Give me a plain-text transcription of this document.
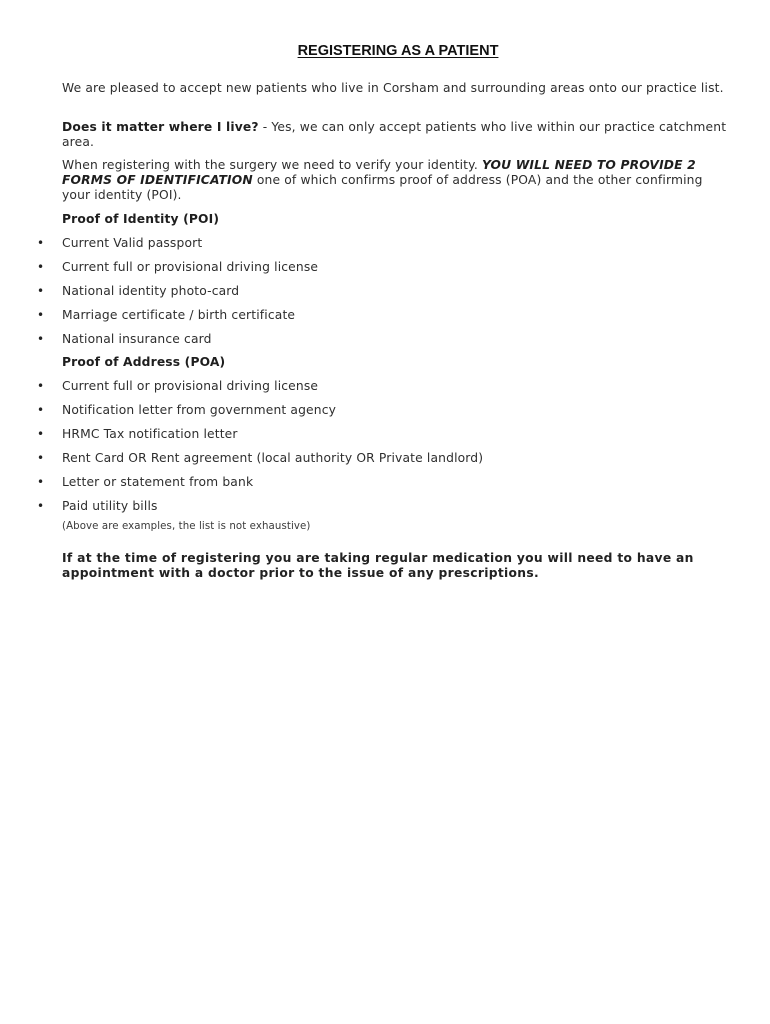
REGISTERING AS A PATIENT
We are pleased to accept new patients who live in Corsham and surrounding areas onto our practice list.
Does it matter where I live? - Yes, we can only accept patients who live within our practice catchment area.
When registering with the surgery we need to verify your identity. YOU WILL NEED TO PROVIDE 2 FORMS OF IDENTIFICATION one of which confirms proof of address (POA) and the other confirming your identity (POI).
Proof of Identity (POI)
• Current Valid passport
• Current full or provisional driving license
• National identity photo-card
• Marriage certificate / birth certificate
• National insurance card
Proof of Address (POA)
• Current full or provisional driving license
• Notification letter from government agency
• HRMC Tax notification letter
• Rent Card OR Rent agreement (local authority OR Private landlord)
• Letter or statement from bank
• Paid utility bills
(Above are examples, the list is not exhaustive)
If at the time of registering you are taking regular medication you will need to have an appointment with a doctor prior to the issue of any prescriptions.
